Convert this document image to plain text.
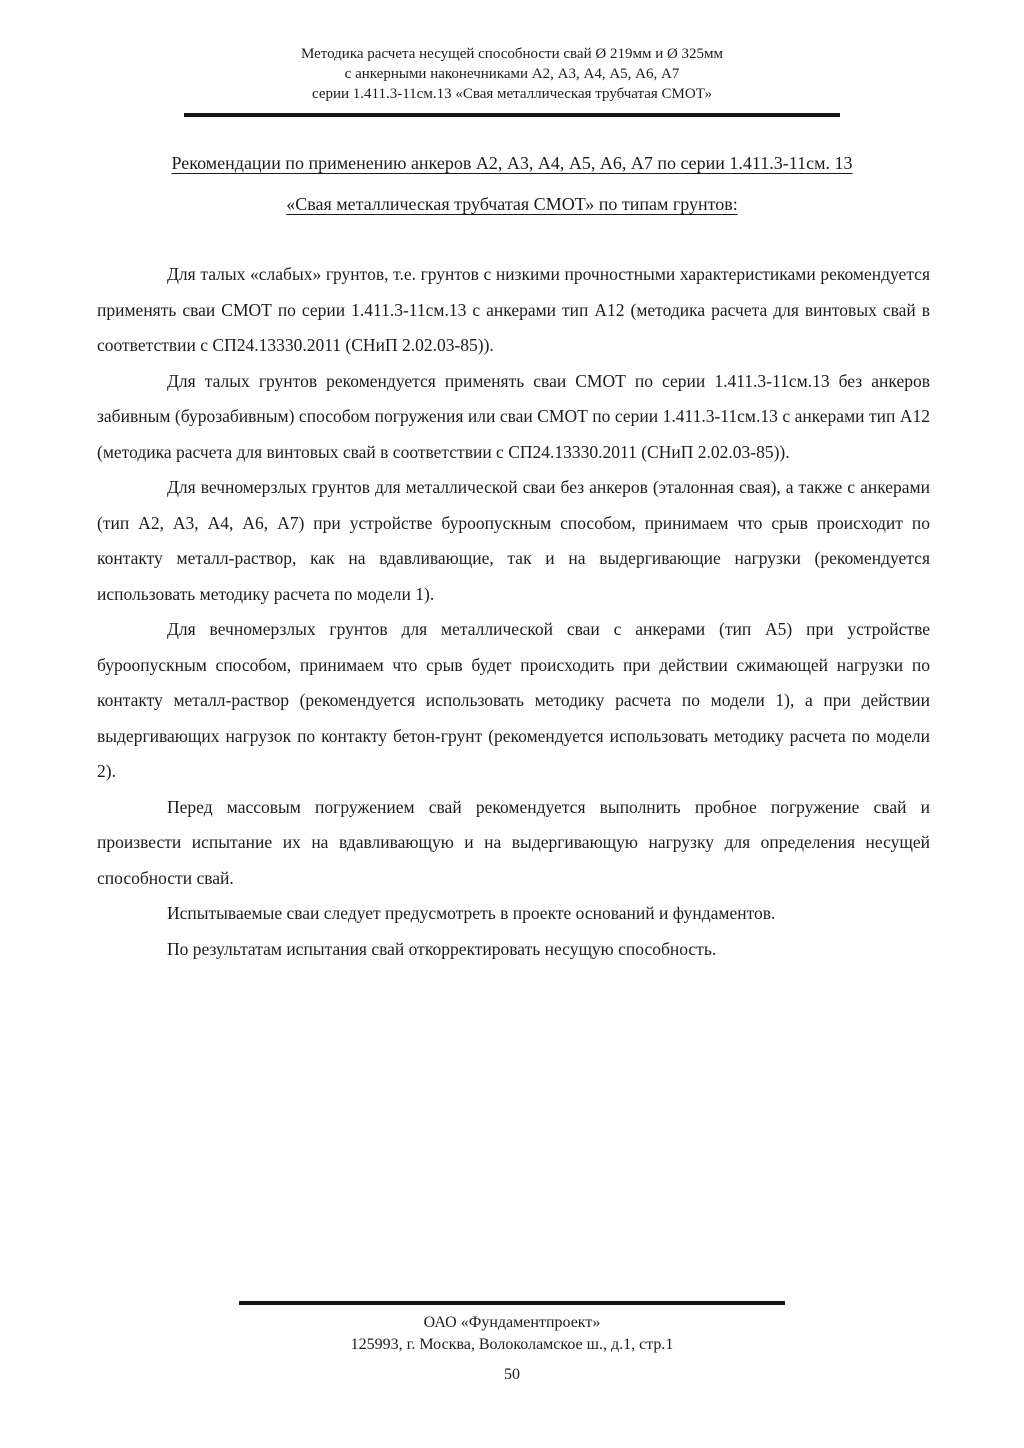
Методика расчета несущей способности свай Ø 219мм и Ø 325мм
с анкерными наконечниками А2, А3, А4, А5, А6, А7
серии 1.411.3-11см.13 «Свая металлическая трубчатая СМОТ»
Рекомендации по применению анкеров А2, А3, А4, А5, А6, А7 по серии 1.411.3-11см. 13
«Свая металлическая трубчатая СМОТ» по типам грунтов:

Для талых «слабых» грунтов, т.е. грунтов с низкими прочностными характеристиками рекомендуется применять сваи СМОТ по серии 1.411.3-11см.13 с анкерами тип А12 (методика расчета для винтовых свай в соответствии с СП24.13330.2011 (СНиП 2.02.03-85)).

Для талых грунтов рекомендуется применять сваи СМОТ по серии 1.411.3-11см.13 без анкеров забивным (бурозабивным) способом погружения или сваи СМОТ по серии 1.411.3-11см.13 с анкерами тип А12 (методика расчета для винтовых свай в соответствии с СП24.13330.2011 (СНиП 2.02.03-85)).

Для вечномерзлых грунтов для металлической сваи без анкеров (эталонная свая), а также с анкерами (тип А2, А3, А4, А6, А7) при устройстве буроопускным способом, принимаем что срыв происходит по контакту металл-раствор, как на вдавливающие, так и на выдергивающие нагрузки (рекомендуется использовать методику расчета по модели 1).

Для вечномерзлых грунтов для металлической сваи с анкерами (тип А5) при устройстве буроопускным способом, принимаем что срыв будет происходить при действии сжимающей нагрузки по контакту металл-раствор (рекомендуется использовать методику расчета по модели 1), а при действии выдергивающих нагрузок по контакту бетон-грунт (рекомендуется использовать методику расчета по модели 2).

Перед массовым погружением свай рекомендуется выполнить пробное погружение свай и произвести испытание их на вдавливающую и на выдергивающую нагрузку для определения несущей способности свай.

Испытываемые сваи следует предусмотреть в проекте оснований и фундаментов.

По результатам испытания свай откорректировать несущую способность.

ОАО «Фундаментпроект»
125993, г. Москва, Волоколамское ш., д.1, стр.1
50
